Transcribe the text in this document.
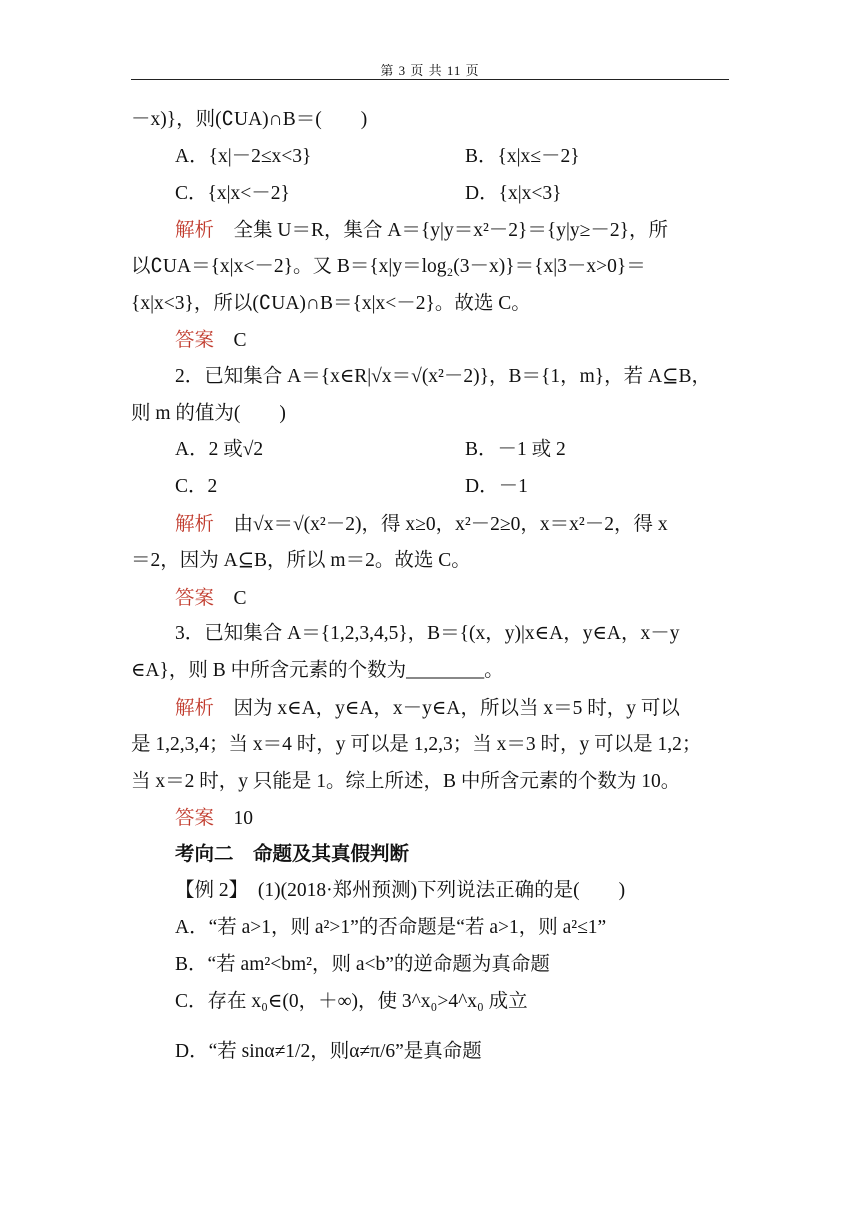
第 3 页 共 11 页
－x)}，则(∁UA)∩B＝(　　)
A．{x|－2≤x<3}	B．{x|x≤－2}
C．{x|x<－2}	D．{x|x<3}
解析　全集 U＝R，集合 A＝{y|y＝x²－2}＝{y|y≥－2}，所
以∁UA＝{x|x<－2}。又 B＝{x|y＝log₂(3－x)}＝{x|3－x>0}＝
{x|x<3}，所以(∁UA)∩B＝{x|x<－2}。故选 C。
答案　C
2．已知集合 A＝{x∈R|√x＝√(x²－2)}，B＝{1，m}，若 A⊆B，
则 m 的值为(　　)
A．2 或√2	B．－1 或 2
C．2	D．－1
解析　由√x＝√(x²－2)，得 x≥0，x²－2≥0，x＝x²－2，得 x
＝2，因为 A⊆B，所以 m＝2。故选 C。
答案　C
3．已知集合 A＝{1,2,3,4,5}，B＝{(x，y)|x∈A，y∈A，x－y
∈A}，则 B 中所含元素的个数为________。
解析　因为 x∈A，y∈A，x－y∈A，所以当 x＝5 时，y 可以
是 1,2,3,4；当 x＝4 时，y 可以是 1,2,3；当 x＝3 时，y 可以是 1,2；
当 x＝2 时，y 只能是 1。综上所述，B 中所含元素的个数为 10。
答案　10
考向二　命题及其真假判断
【例 2】　(1)(2018·郑州预测)下列说法正确的是(　　)
A．“若 a>1，则 a²>1”的否命题是“若 a>1，则 a²≤1”
B．“若 am²<bm²，则 a<b”的逆命题为真命题
C．存在 x₀∈(0，＋∞)，使 3^x₀>4^x₀ 成立
D．“若 sinα≠1/2，则α≠π/6”是真命题
